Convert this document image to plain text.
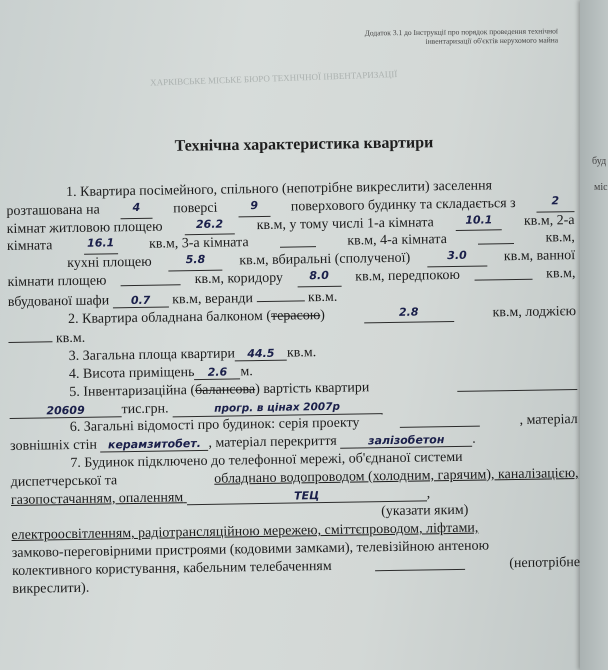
буд
міс
Додаток 3.1 до Інструкції про порядок проведення технічної
інвентаризації об'єктів нерухомого майна
ХАРКІВСЬКЕ МІСЬКЕ БЮРО ТЕХНІЧНОЇ ІНВЕНТАРИЗАЦІЇ
Технічна характеристика квартири
1. Квартира посімейного, спільного (непотрібне викреслити) заселення
розташована на	4	поверсі	9	поверхового будинку та складається з	2
кімнат житловою площею	26.2	кв.м, у тому числі 1-а кімната	10.1	кв.м, 2-а
кімната	16.1 кв.м, 3-а кімната	кв.м, 4-а кімната	кв.м,
кухні площею	5.8	кв.м, вбиральні (сполученої)	3.0	кв.м, ванної
кімнати площею	кв.м, коридору	8.0	кв.м, передпокою	кв.м,
вбудованої шафи 0.7 кв.м, веранди	кв.м.
2. Квартира обладнана балконом (терасою)	2.8	кв.м, лоджією
кв.м.
3. Загальна площа квартири 44.5 кв.м.
4. Висота приміщень 2.6 м.
5. Інвентаризаційна (балансова) вартість квартири
20609	тис.грн.	прогр. в цінах 2007р
6. Загальні відомості про будинок: серія проекту	, матеріал
зовнішніх стін керамзитобет. , матеріал перекриття	залізобетон .
7. Будинок підключено до телефонної мережі, об'єднаної системи
диспетчерської та	обладнано водопроводом (холодним, гарячим), каналізацією,
газопостачанням, опаленням	ТЕЦ	,
(указати яким)
електроосвітленням, радіотрансляційною мережею, сміттєпроводом, ліфтами,
замково-переговірними пристроями (кодовими замками), телевізійною антеною
колективного користування, кабельним телебаченням	(непотрібне
викреслити).
